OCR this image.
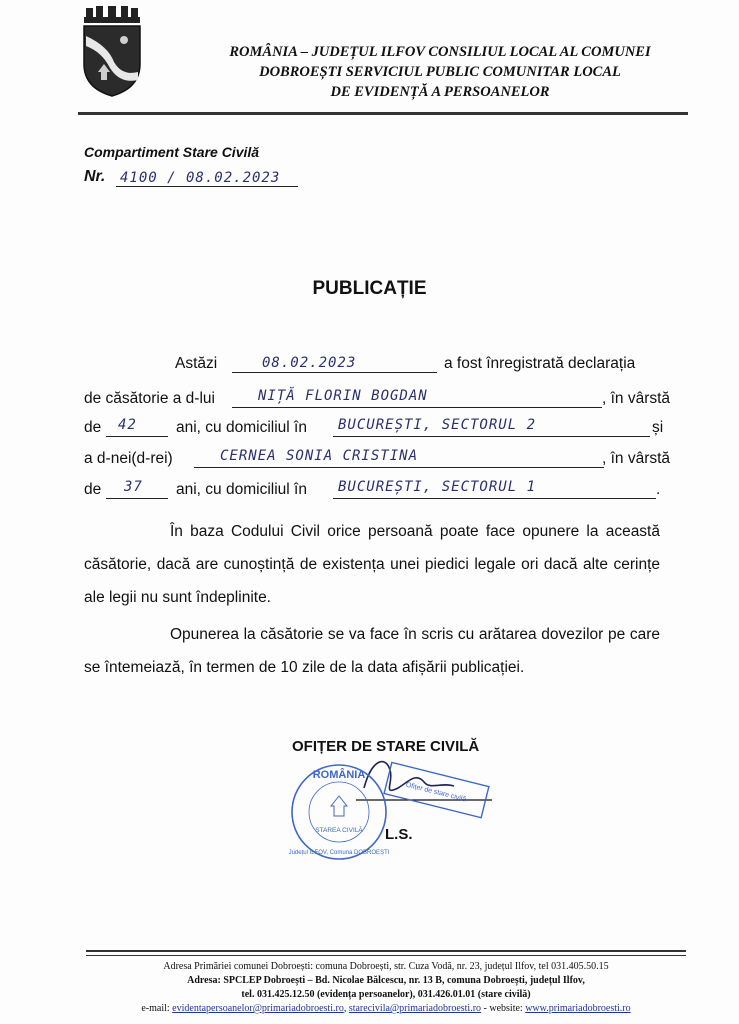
ROMÂNIA – JUDEȚUL ILFOV CONSILIUL LOCAL AL COMUNEI
DOBROEȘTI SERVICIUL PUBLIC COMUNITAR LOCAL
DE EVIDENȚĂ A PERSOANELOR
Compartiment Stare Civilă
Nr. 4100 / 08.02.2023
PUBLICAȚIE
Astăzi	08.02.2023	a fost înregistrată declarația
de căsătorie a d-lui	NIȚĂ FLORIN BOGDAN	, în vârstă
de 42	ani, cu domiciliul în BUCUREȘTI, SECTORUL 2	și
a d-nei(d-rei)	CERNEA SONIA CRISTINA	, în vârstă
de 37 ani, cu domiciliul în BUCUREȘTI, SECTORUL 1	.
În baza Codului Civil orice persoană poate face opunere la această căsătorie, dacă are cunoștință de existența unei piedici legale ori dacă alte cerințe ale legii nu sunt îndeplinite.
Opunerea la căsătorie se va face în scris cu arătarea dovezilor pe care se întemeiază, în termen de 10 zile de la data afișării publicației.
OFIȚER DE STARE CIVILĂ
Ofițer de stare civilă
ROMÂNIA
STAREA CIVILĂ
Județul ILFOV, Comuna DOBROEȘTI
L.S.
Adresa Primăriei comunei Dobroești: comuna Dobroești, str. Cuza Vodă, nr. 23, județul Ilfov, tel 031.405.50.15
Adresa: SPCLEP Dobroești – Bd. Nicolae Bălcescu, nr. 13 B, comuna Dobroești, județul Ilfov,
tel. 031.425.12.50 (evidența persoanelor), 031.426.01.01 (stare civilă)
e-mail: evidentapersoanelor@primariadobroesti.ro, starecivila@primariadobroesti.ro - website: www.primariadobroesti.ro
